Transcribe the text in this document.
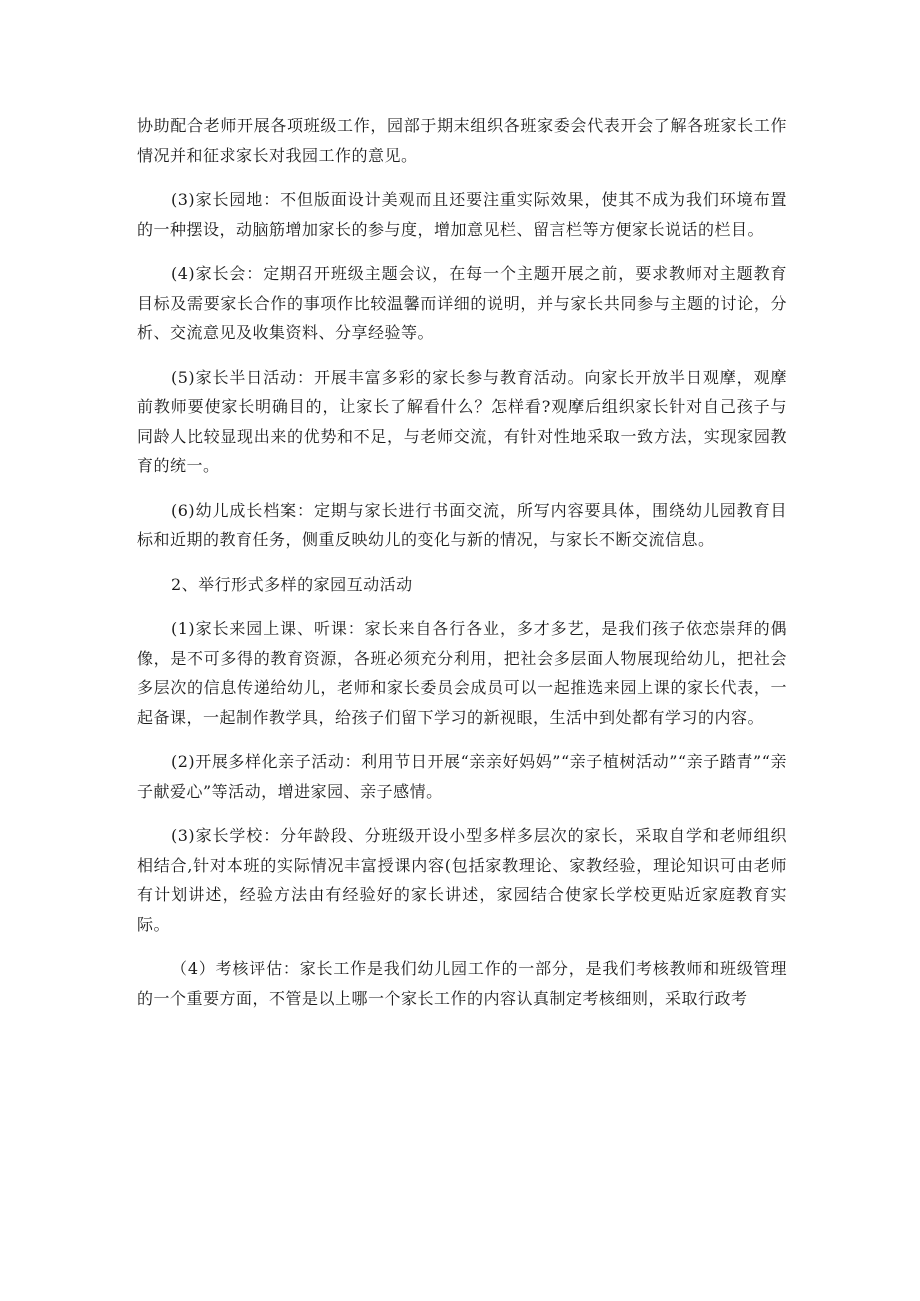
协助配合老师开展各项班级工作，园部于期末组织各班家委会代表开会了解各班家长工作情况并和征求家长对我园工作的意见。

(3)家长园地：不但版面设计美观而且还要注重实际效果，使其不成为我们环境布置的一种摆设，动脑筋增加家长的参与度，增加意见栏、留言栏等方便家长说话的栏目。

(4)家长会：定期召开班级主题会议，在每一个主题开展之前，要求教师对主题教育目标及需要家长合作的事项作比较温馨而详细的说明，并与家长共同参与主题的讨论，分析、交流意见及收集资料、分享经验等。

(5)家长半日活动：开展丰富多彩的家长参与教育活动。向家长开放半日观摩，观摩前教师要使家长明确目的，让家长了解看什么？怎样看?观摩后组织家长针对自己孩子与同龄人比较显现出来的优势和不足，与老师交流，有针对性地采取一致方法，实现家园教育的统一。

(6)幼儿成长档案：定期与家长进行书面交流，所写内容要具体，围绕幼儿园教育目标和近期的教育任务，侧重反映幼儿的变化与新的情况，与家长不断交流信息。

2、举行形式多样的家园互动活动

(1)家长来园上课、听课：家长来自各行各业，多才多艺，是我们孩子依恋崇拜的偶像，是不可多得的教育资源，各班必须充分利用，把社会多层面人物展现给幼儿，把社会多层次的信息传递给幼儿，老师和家长委员会成员可以一起推选来园上课的家长代表，一起备课，一起制作教学具，给孩子们留下学习的新视眼，生活中到处都有学习的内容。

(2)开展多样化亲子活动：利用节日开展“亲亲好妈妈”“亲子植树活动”“亲子踏青”“亲子献爱心”等活动，增进家园、亲子感情。

(3)家长学校：分年龄段、分班级开设小型多样多层次的家长，采取自学和老师组织相结合,针对本班的实际情况丰富授课内容(包括家教理论、家教经验，理论知识可由老师有计划讲述，经验方法由有经验好的家长讲述，家园结合使家长学校更贴近家庭教育实际。

（4）考核评估：家长工作是我们幼儿园工作的一部分，是我们考核教师和班级管理的一个重要方面，不管是以上哪一个家长工作的内容认真制定考核细则，采取行政考
